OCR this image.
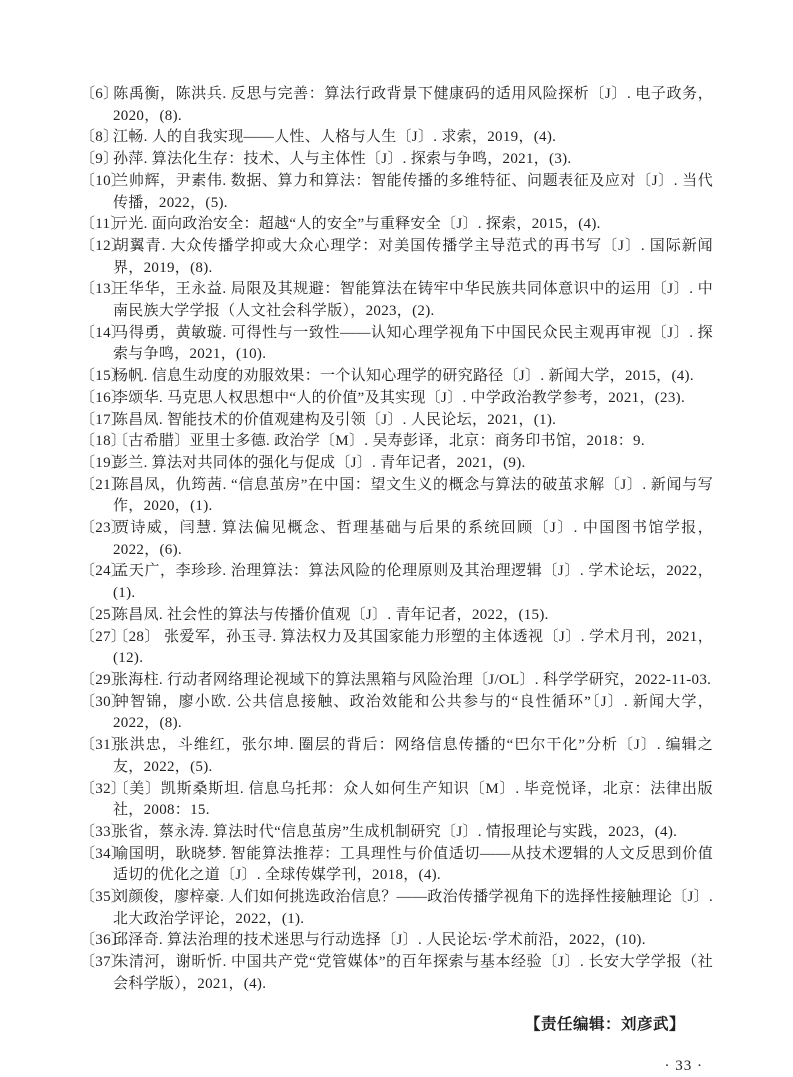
〔6〕陈禹衡，陈洪兵. 反思与完善：算法行政背景下健康码的适用风险探析〔J〕. 电子政务，2020，(8).

〔8〕江畅. 人的自我实现——人性、人格与人生〔J〕. 求索，2019，(4).

〔9〕孙萍. 算法化生存：技术、人与主体性〔J〕. 探索与争鸣，2021，(3).

〔10〕兰帅辉，尹素伟. 数据、算力和算法：智能传播的多维特征、问题表征及应对〔J〕. 当代传播，2022，(5).

〔11〕亓光. 面向政治安全：超越“人的安全”与重释安全〔J〕. 探索，2015，(4).

〔12〕胡翼青. 大众传播学抑或大众心理学：对美国传播学主导范式的再书写〔J〕. 国际新闻界，2019，(8).

〔13〕王华华，王永益. 局限及其规避：智能算法在铸牢中华民族共同体意识中的运用〔J〕. 中南民族大学学报（人文社会科学版），2023，(2).

〔14〕马得勇，黄敏璇. 可得性与一致性——认知心理学视角下中国民众民主观再审视〔J〕. 探索与争鸣，2021，(10).

〔15〕杨帆. 信息生动度的劝服效果：一个认知心理学的研究路径〔J〕. 新闻大学，2015，(4).

〔16〕李颂华. 马克思人权思想中“人的价值”及其实现〔J〕. 中学政治教学参考，2021，(23).

〔17〕陈昌凤. 智能技术的价值观建构及引领〔J〕. 人民论坛，2021，(1).

〔18〕〔古希腊〕亚里士多德. 政治学〔M〕. 吴寿彭译，北京：商务印书馆，2018：9.

〔19〕彭兰. 算法对共同体的强化与促成〔J〕. 青年记者，2021，(9).

〔21〕陈昌凤，仇筠茜. “信息茧房”在中国：望文生义的概念与算法的破茧求解〔J〕. 新闻与写作，2020，(1).

〔23〕贾诗威，闫慧. 算法偏见概念、哲理基础与后果的系统回顾〔J〕. 中国图书馆学报，2022，(6).

〔24〕孟天广，李珍珍. 治理算法：算法风险的伦理原则及其治理逻辑〔J〕. 学术论坛，2022，(1).

〔25〕陈昌凤. 社会性的算法与传播价值观〔J〕. 青年记者，2022，(15).

〔27〕〔28〕 张爱军，孙玉寻. 算法权力及其国家能力形塑的主体透视〔J〕. 学术月刊，2021，(12).

〔29〕张海柱. 行动者网络理论视域下的算法黑箱与风险治理〔J/OL〕. 科学学研究，2022-11-03.

〔30〕钟智锦，廖小欧. 公共信息接触、政治效能和公共参与的“良性循环”〔J〕. 新闻大学，2022，(8).

〔31〕张洪忠，斗维红，张尔坤. 圈层的背后：网络信息传播的“巴尔干化”分析〔J〕. 编辑之友，2022，(5).

〔32〕〔美〕凯斯桑斯坦. 信息乌托邦：众人如何生产知识〔M〕. 毕竞悦译，北京：法律出版社，2008：15.

〔33〕张省，蔡永涛. 算法时代“信息茧房”生成机制研究〔J〕. 情报理论与实践，2023，(4).

〔34〕喻国明，耿晓梦. 智能算法推荐：工具理性与价值适切——从技术逻辑的人文反思到价值适切的优化之道〔J〕. 全球传媒学刊，2018，(4).

〔35〕刘颜俊，廖梓豪. 人们如何挑选政治信息？——政治传播学视角下的选择性接触理论〔J〕. 北大政治学评论，2022，(1).

〔36〕邱泽奇. 算法治理的技术迷思与行动选择〔J〕. 人民论坛·学术前沿，2022，(10).

〔37〕朱清河，谢昕忻. 中国共产党“党管媒体”的百年探索与基本经验〔J〕. 长安大学学报（社会科学版），2021，(4).

【责任编辑：刘彦武】
· 33 ·
